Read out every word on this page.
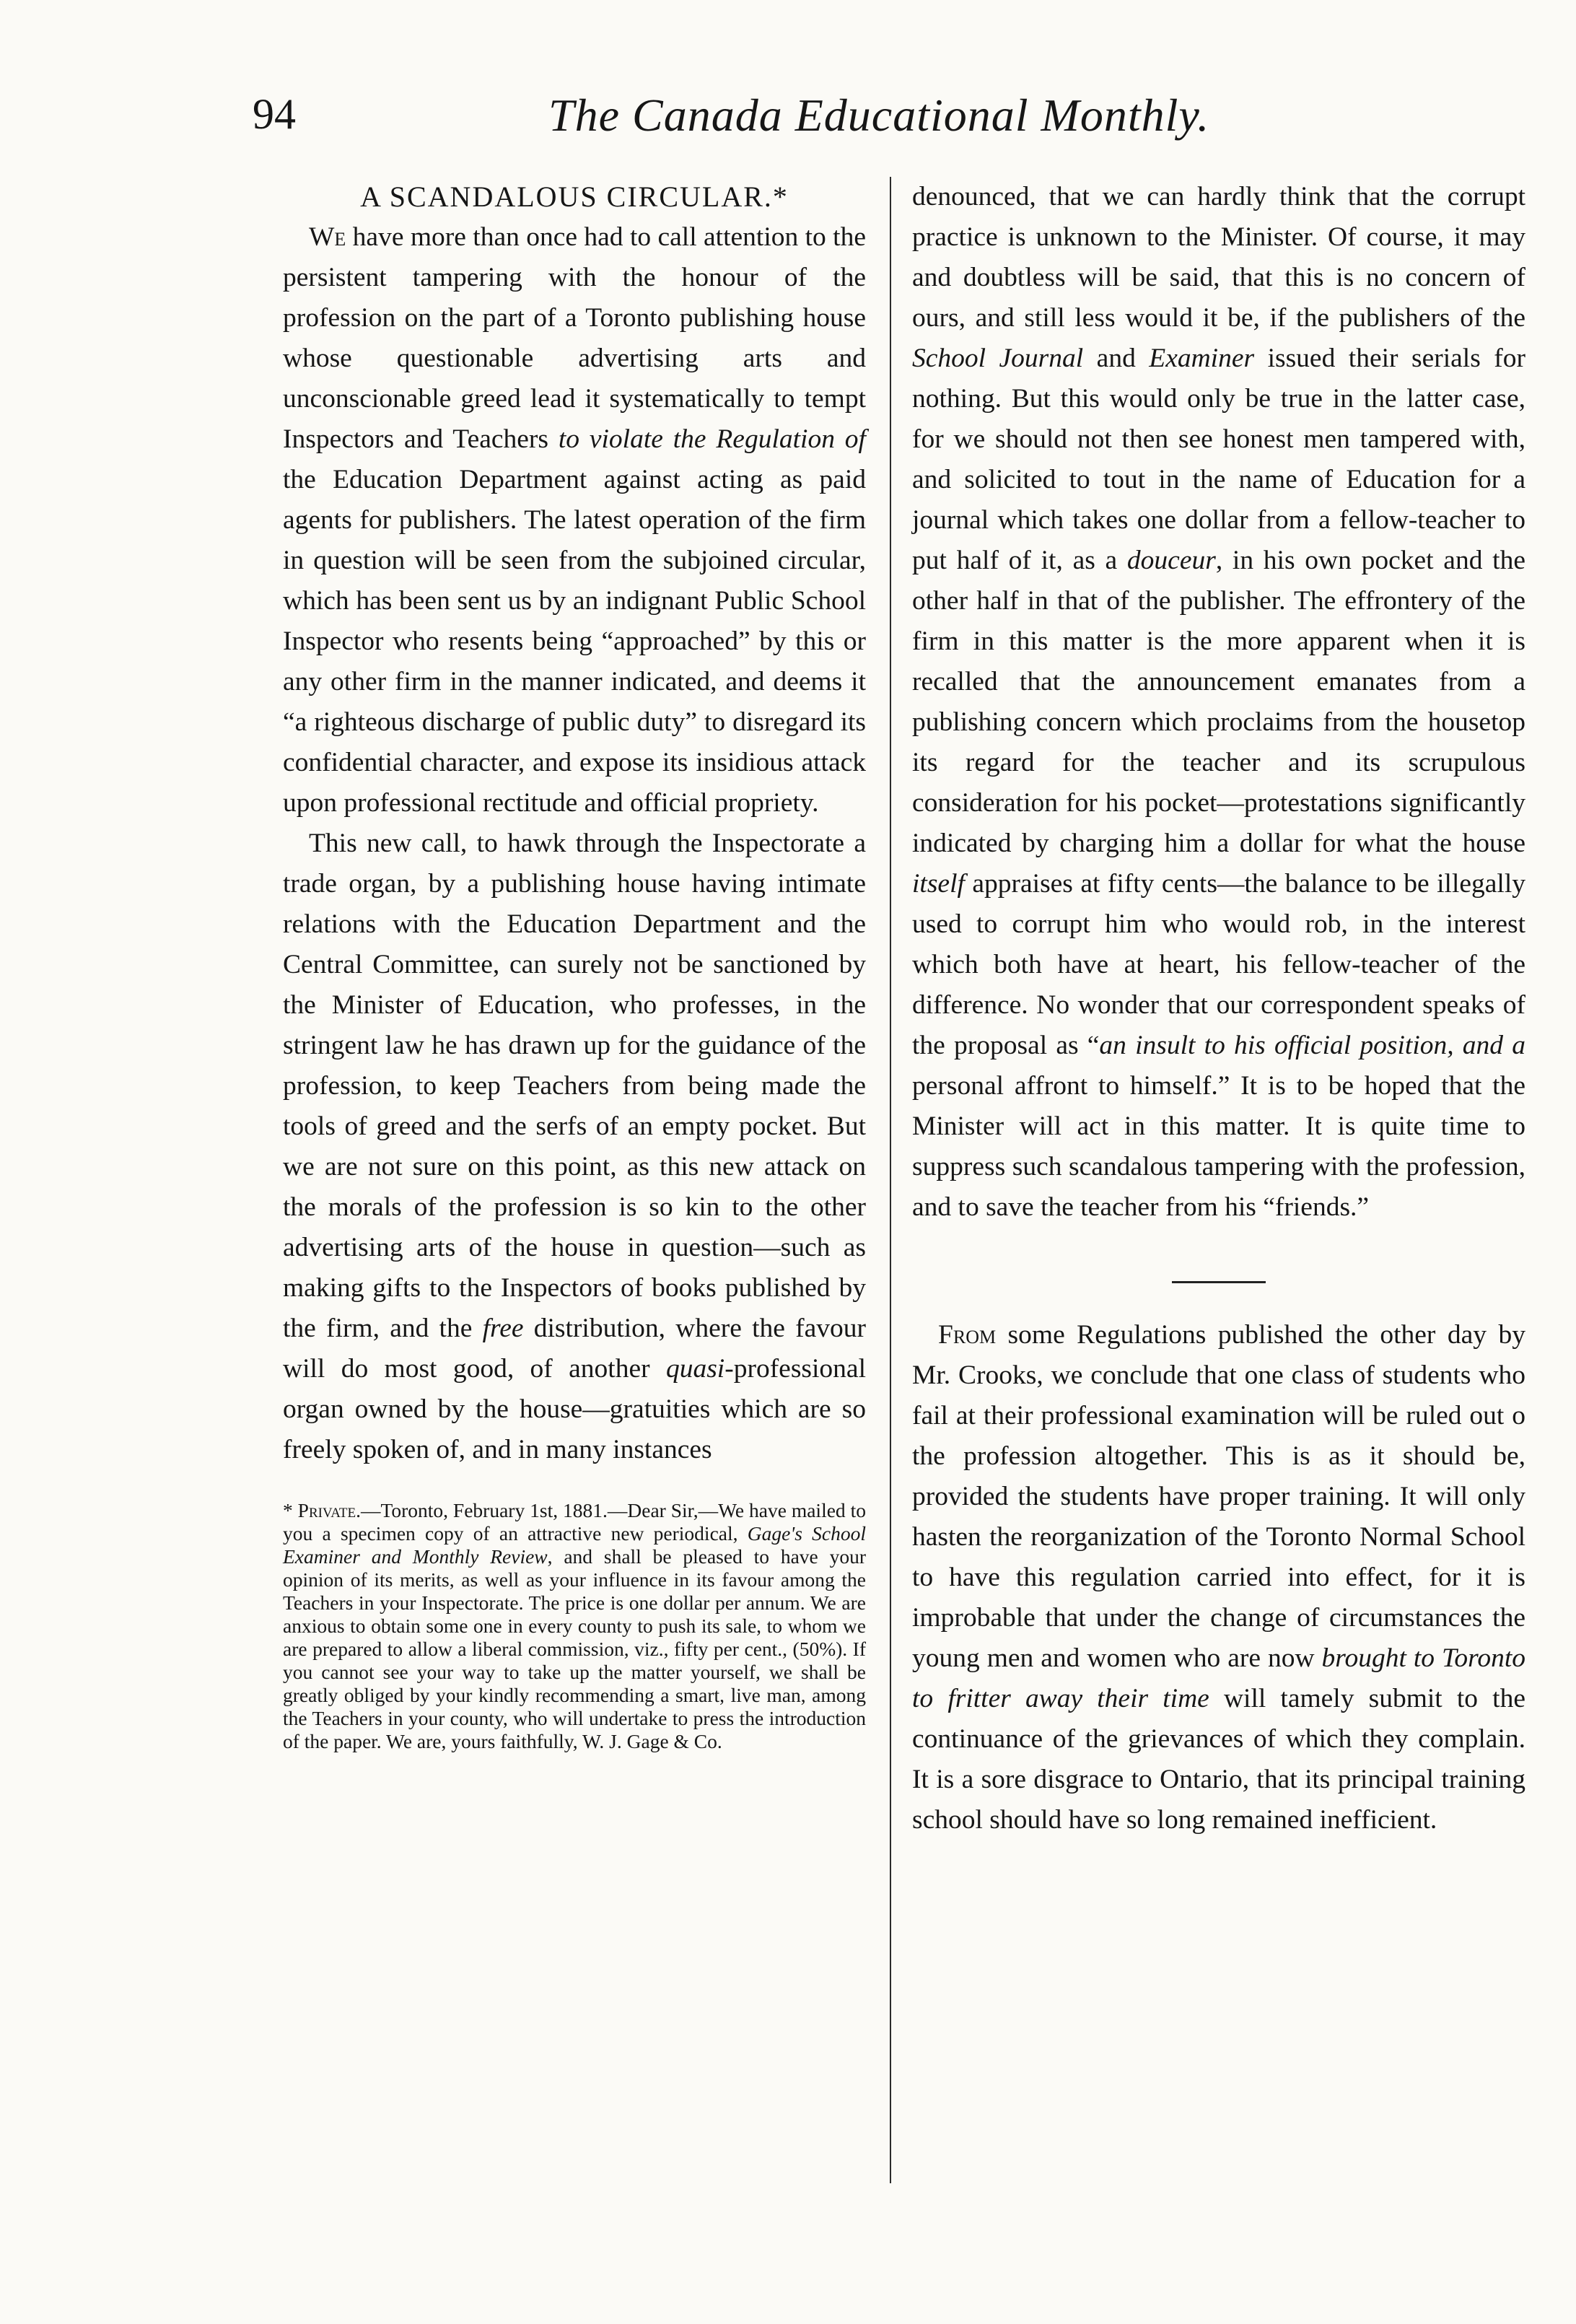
94	The Canada Educational Monthly.

A SCANDALOUS CIRCULAR.*

We have more than once had to call attention to the persistent tampering with the honour of the profession on the part of a Toronto publishing house whose questionable advertising arts and unconscionable greed lead it systematically to tempt Inspectors and Teachers to violate the Regulation of the Education Department against acting as paid agents for publishers. The latest operation of the firm in question will be seen from the subjoined circular, which has been sent us by an indignant Public School Inspector who resents being “approached” by this or any other firm in the manner indicated, and deems it “a righteous discharge of public duty” to disregard its confidential character, and expose its insidious attack upon professional rectitude and official propriety.

This new call, to hawk through the Inspectorate a trade organ, by a publishing house having intimate relations with the Education Department and the Central Committee, can surely not be sanctioned by the Minister of Education, who professes, in the stringent law he has drawn up for the guidance of the profession, to keep Teachers from being made the tools of greed and the serfs of an empty pocket. But we are not sure on this point, as this new attack on the morals of the profession is so kin to the other advertising arts of the house in question—such as making gifts to the Inspectors of books published by the firm, and the free distribution, where the favour will do most good, of another quasi-professional organ owned by the house—gratuities which are so freely spoken of, and in many instances

* Private.—Toronto, February 1st, 1881.—Dear Sir,—We have mailed to you a specimen copy of an attractive new periodical, Gage's School Examiner and Monthly Review, and shall be pleased to have your opinion of its merits, as well as your influence in its favour among the Teachers in your Inspectorate. The price is one dollar per annum. We are anxious to obtain some one in every county to push its sale, to whom we are prepared to allow a liberal commission, viz., fifty per cent., (50%). If you cannot see your way to take up the matter yourself, we shall be greatly obliged by your kindly recommending a smart, live man, among the Teachers in your county, who will undertake to press the introduction of the paper. We are, yours faithfully, W. J. Gage & Co.

denounced, that we can hardly think that the corrupt practice is unknown to the Minister. Of course, it may and doubtless will be said, that this is no concern of ours, and still less would it be, if the publishers of the School Journal and Examiner issued their serials for nothing. But this would only be true in the latter case, for we should not then see honest men tampered with, and solicited to tout in the name of Education for a journal which takes one dollar from a fellow-teacher to put half of it, as a douceur, in his own pocket and the other half in that of the publisher. The effrontery of the firm in this matter is the more apparent when it is recalled that the announcement emanates from a publishing concern which proclaims from the housetop its regard for the teacher and its scrupulous consideration for his pocket—protestations significantly indicated by charging him a dollar for what the house itself appraises at fifty cents—the balance to be illegally used to corrupt him who would rob, in the interest which both have at heart, his fellow-teacher of the difference. No wonder that our correspondent speaks of the proposal as “an insult to his official position, and a personal affront to himself.” It is to be hoped that the Minister will act in this matter. It is quite time to suppress such scandalous tampering with the profession, and to save the teacher from his “friends.”

From some Regulations published the other day by Mr. Crooks, we conclude that one class of students who fail at their professional examination will be ruled out o the profession altogether. This is as it should be, provided the students have proper training. It will only hasten the reorganization of the Toronto Normal School to have this regulation carried into effect, for it is improbable that under the change of circumstances the young men and women who are now brought to Toronto to fritter away their time will tamely submit to the continuance of the grievances of which they complain. It is a sore disgrace to Ontario, that its principal training school should have so long remained inefficient.
